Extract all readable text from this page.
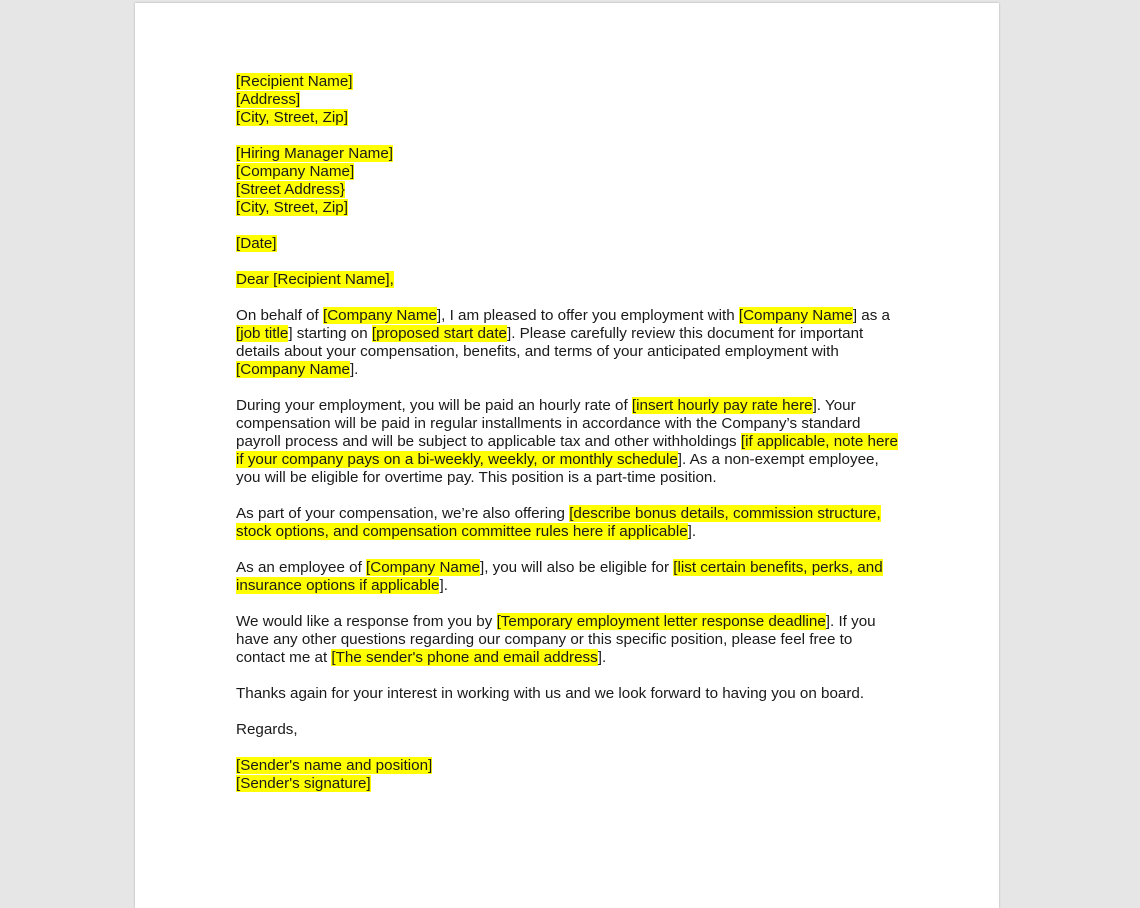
[Recipient Name]
[Address]
[City, Street, Zip]
[Hiring Manager Name]
[Company Name]
[Street Address}
[City, Street, Zip]
[Date]
Dear [Recipient Name],

On behalf of [Company Name], I am pleased to offer you employment with [Company Name] as a [job title] starting on [proposed start date]. Please carefully review this document for important details about your compensation, benefits, and terms of your anticipated employment with [Company Name].

During your employment, you will be paid an hourly rate of [insert hourly pay rate here]. Your compensation will be paid in regular installments in accordance with the Company’s standard payroll process and will be subject to applicable tax and other withholdings [if applicable, note here if your company pays on a bi-weekly, weekly, or monthly schedule]. As a non-exempt employee, you will be eligible for overtime pay. This position is a part-time position.

As part of your compensation, we’re also offering [describe bonus details, commission structure, stock options, and compensation committee rules here if applicable].

As an employee of [Company Name], you will also be eligible for [list certain benefits, perks, and insurance options if applicable].

We would like a response from you by [Temporary employment letter response deadline]. If you have any other questions regarding our company or this specific position, please feel free to contact me at [The sender's phone and email address].

Thanks again for your interest in working with us and we look forward to having you on board.

Regards,

[Sender's name and position]
[Sender's signature]
